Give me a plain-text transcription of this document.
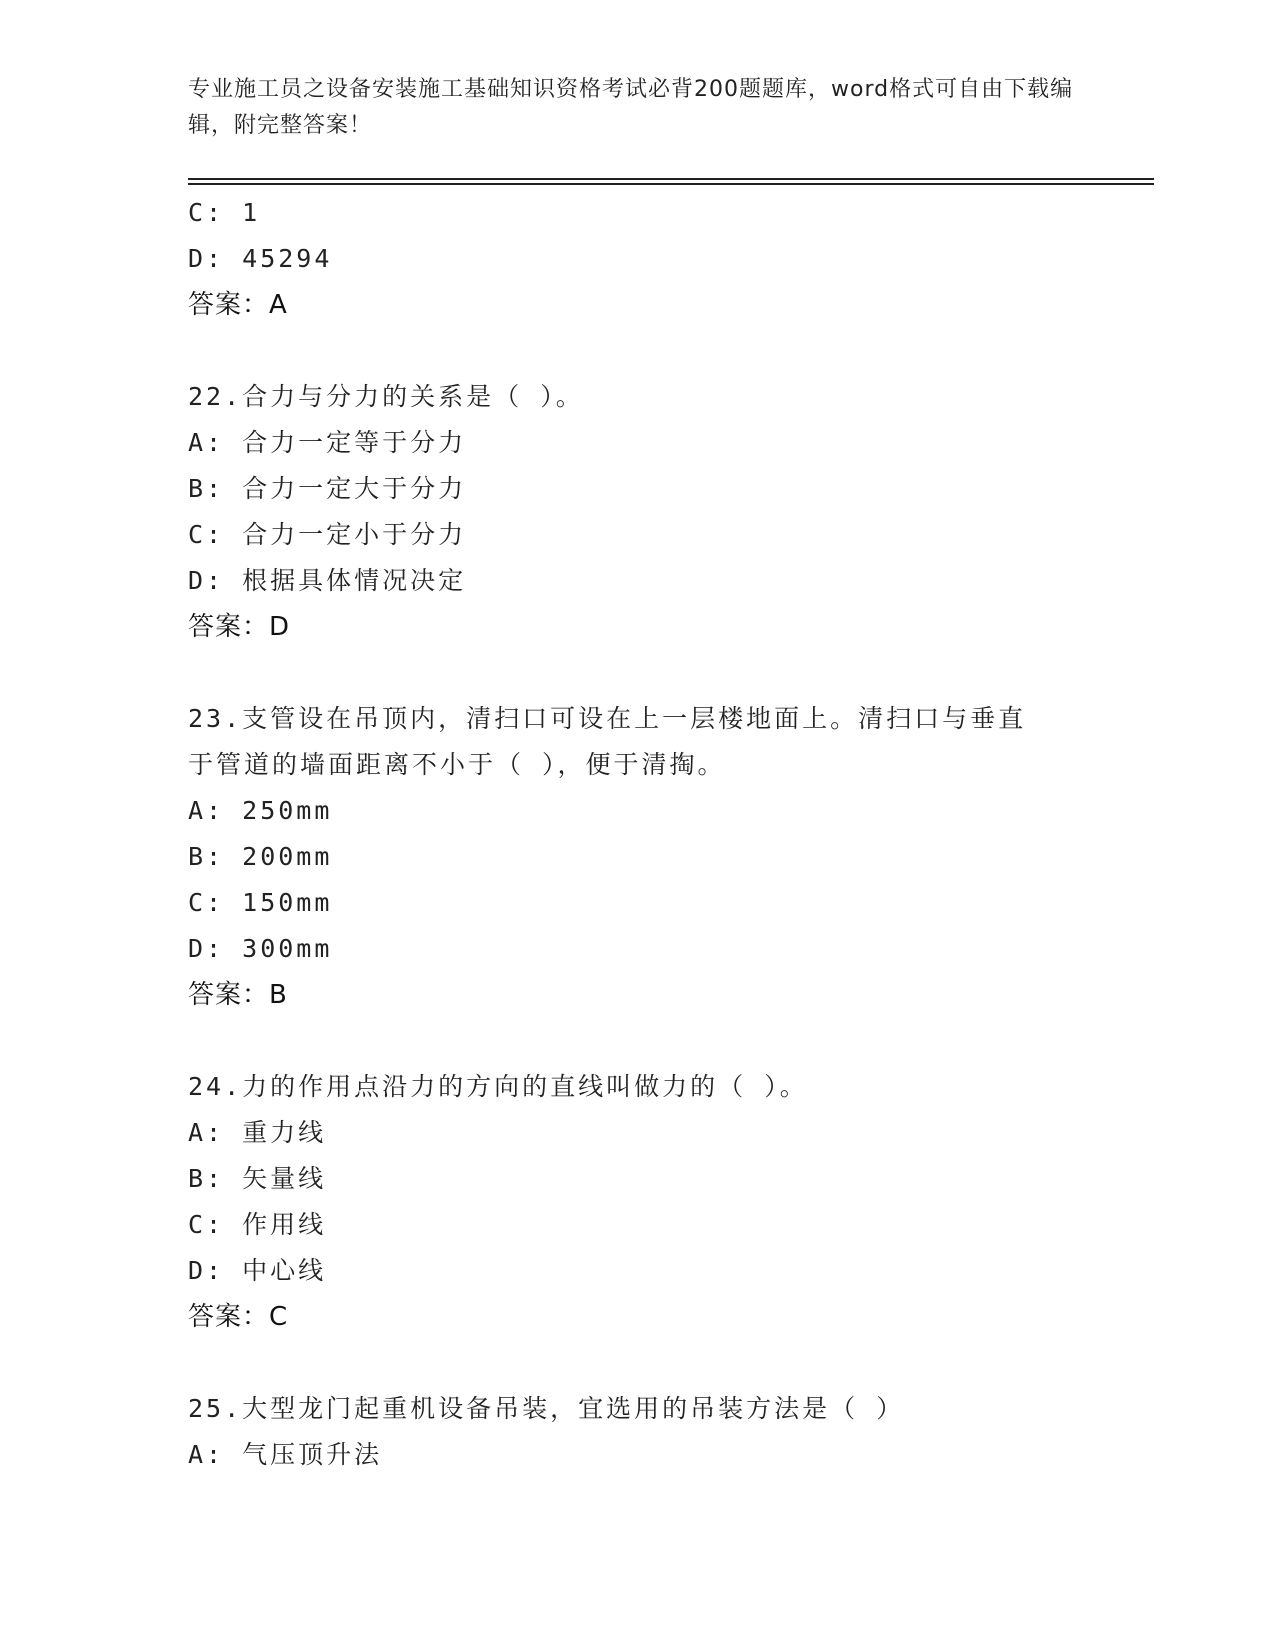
专业施工员之设备安装施工基础知识资格考试必背200题题库，word格式可自由下载编辑，附完整答案！
C: 1
D: 45294
答案：A
22.合力与分力的关系是（ ）。
A: 合力一定等于分力
B: 合力一定大于分力
C: 合力一定小于分力
D: 根据具体情况决定
答案：D
23.支管设在吊顶内，清扫口可设在上一层楼地面上。清扫口与垂直于管道的墙面距离不小于（ ），便于清掏。
A: 250mm
B: 200mm
C: 150mm
D: 300mm
答案：B
24.力的作用点沿力的方向的直线叫做力的（ ）。
A: 重力线
B: 矢量线
C: 作用线
D: 中心线
答案：C
25.大型龙门起重机设备吊装，宜选用的吊装方法是（ ）
A: 气压顶升法
